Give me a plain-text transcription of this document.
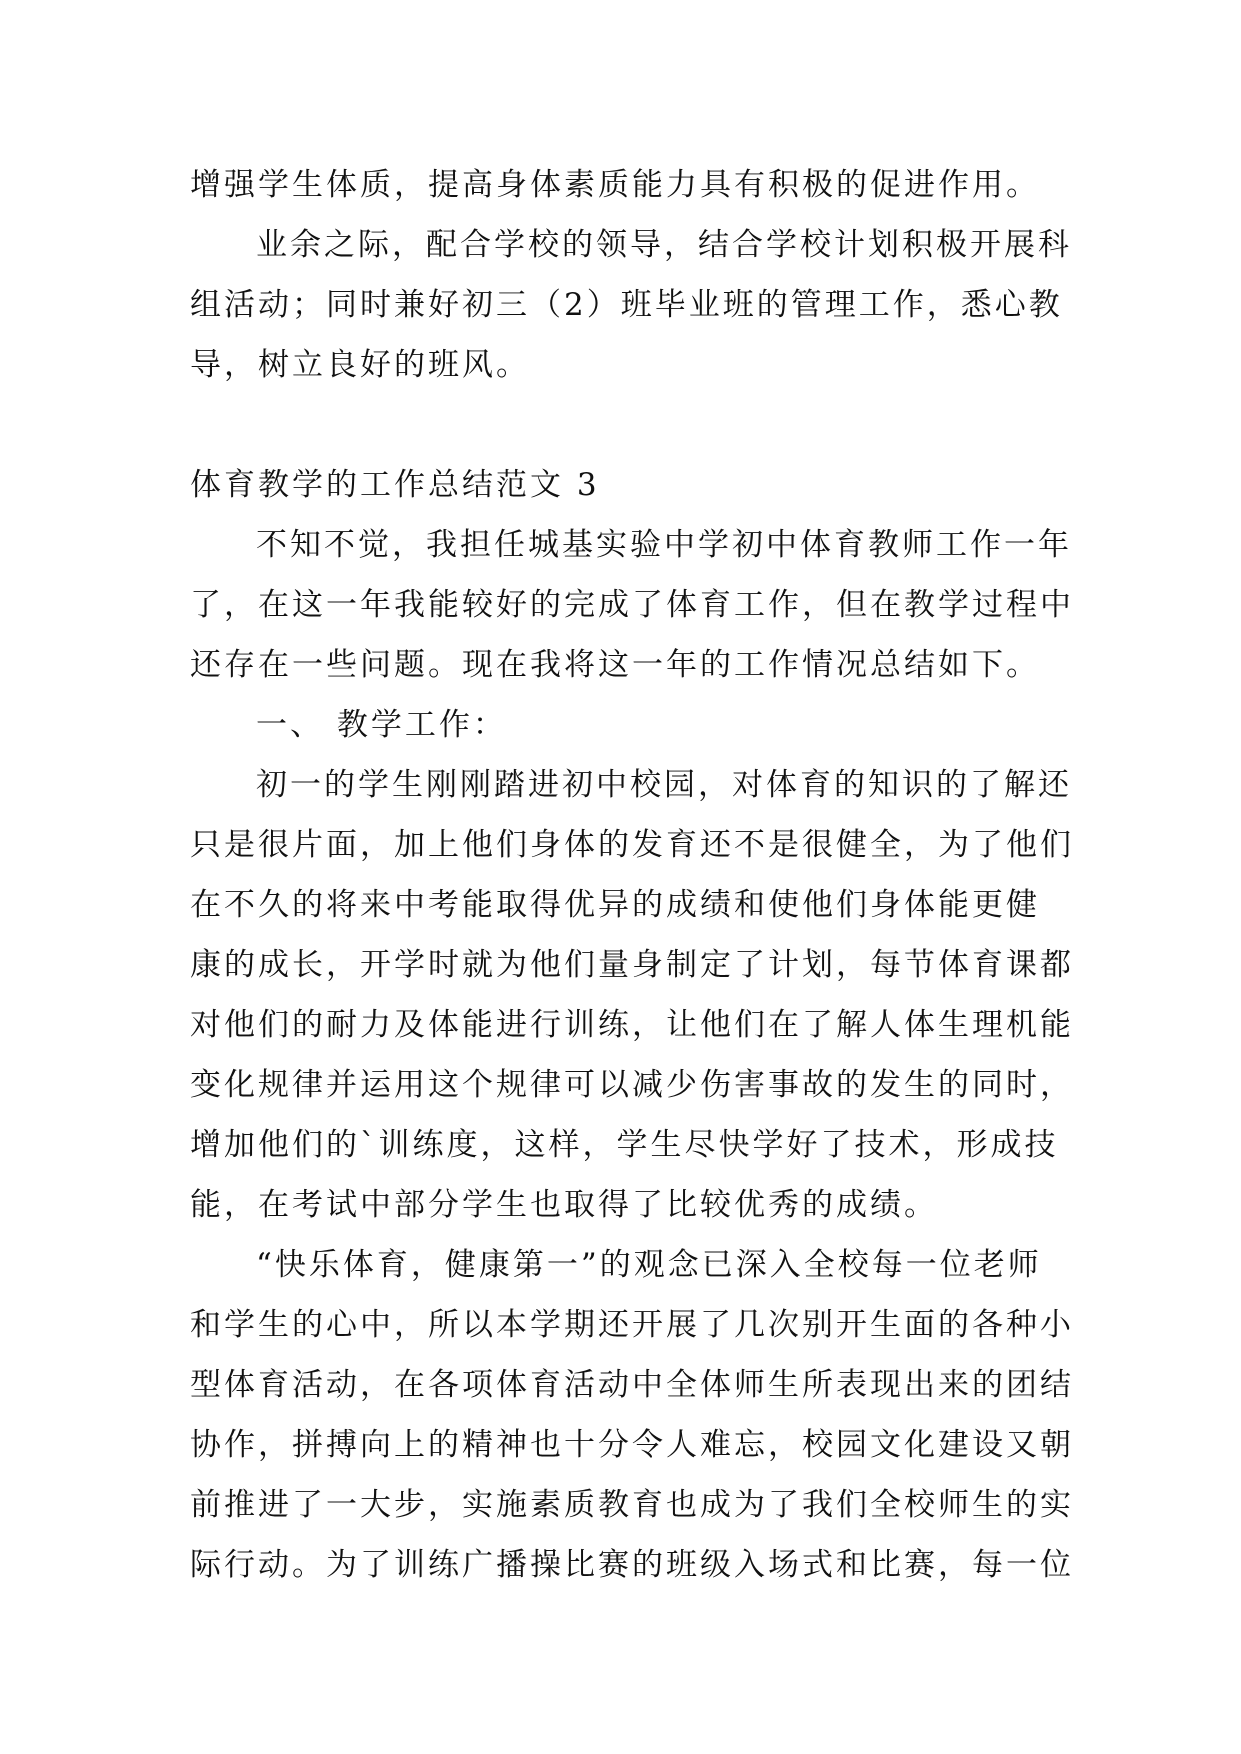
增强学生体质，提高身体素质能力具有积极的促进作用。
业余之际，配合学校的领导，结合学校计划积极开展科
组活动；同时兼好初三（2）班毕业班的管理工作，悉心教
导，树立良好的班风。
体育教学的工作总结范文 3
不知不觉，我担任城基实验中学初中体育教师工作一年
了，在这一年我能较好的完成了体育工作，但在教学过程中
还存在一些问题。现在我将这一年的工作情况总结如下。
一、 教学工作：
初一的学生刚刚踏进初中校园，对体育的知识的了解还
只是很片面，加上他们身体的发育还不是很健全，为了他们
在不久的将来中考能取得优异的成绩和使他们身体能更健
康的成长，开学时就为他们量身制定了计划，每节体育课都
对他们的耐力及体能进行训练，让他们在了解人体生理机能
变化规律并运用这个规律可以减少伤害事故的发生的同时，
增加他们的`训练度，这样，学生尽快学好了技术，形成技
能，在考试中部分学生也取得了比较优秀的成绩。
“快乐体育，健康第一”的观念已深入全校每一位老师
和学生的心中，所以本学期还开展了几次别开生面的各种小
型体育活动，在各项体育活动中全体师生所表现出来的团结
协作，拼搏向上的精神也十分令人难忘，校园文化建设又朝
前推进了一大步，实施素质教育也成为了我们全校师生的实
际行动。为了训练广播操比赛的班级入场式和比赛，每一位
